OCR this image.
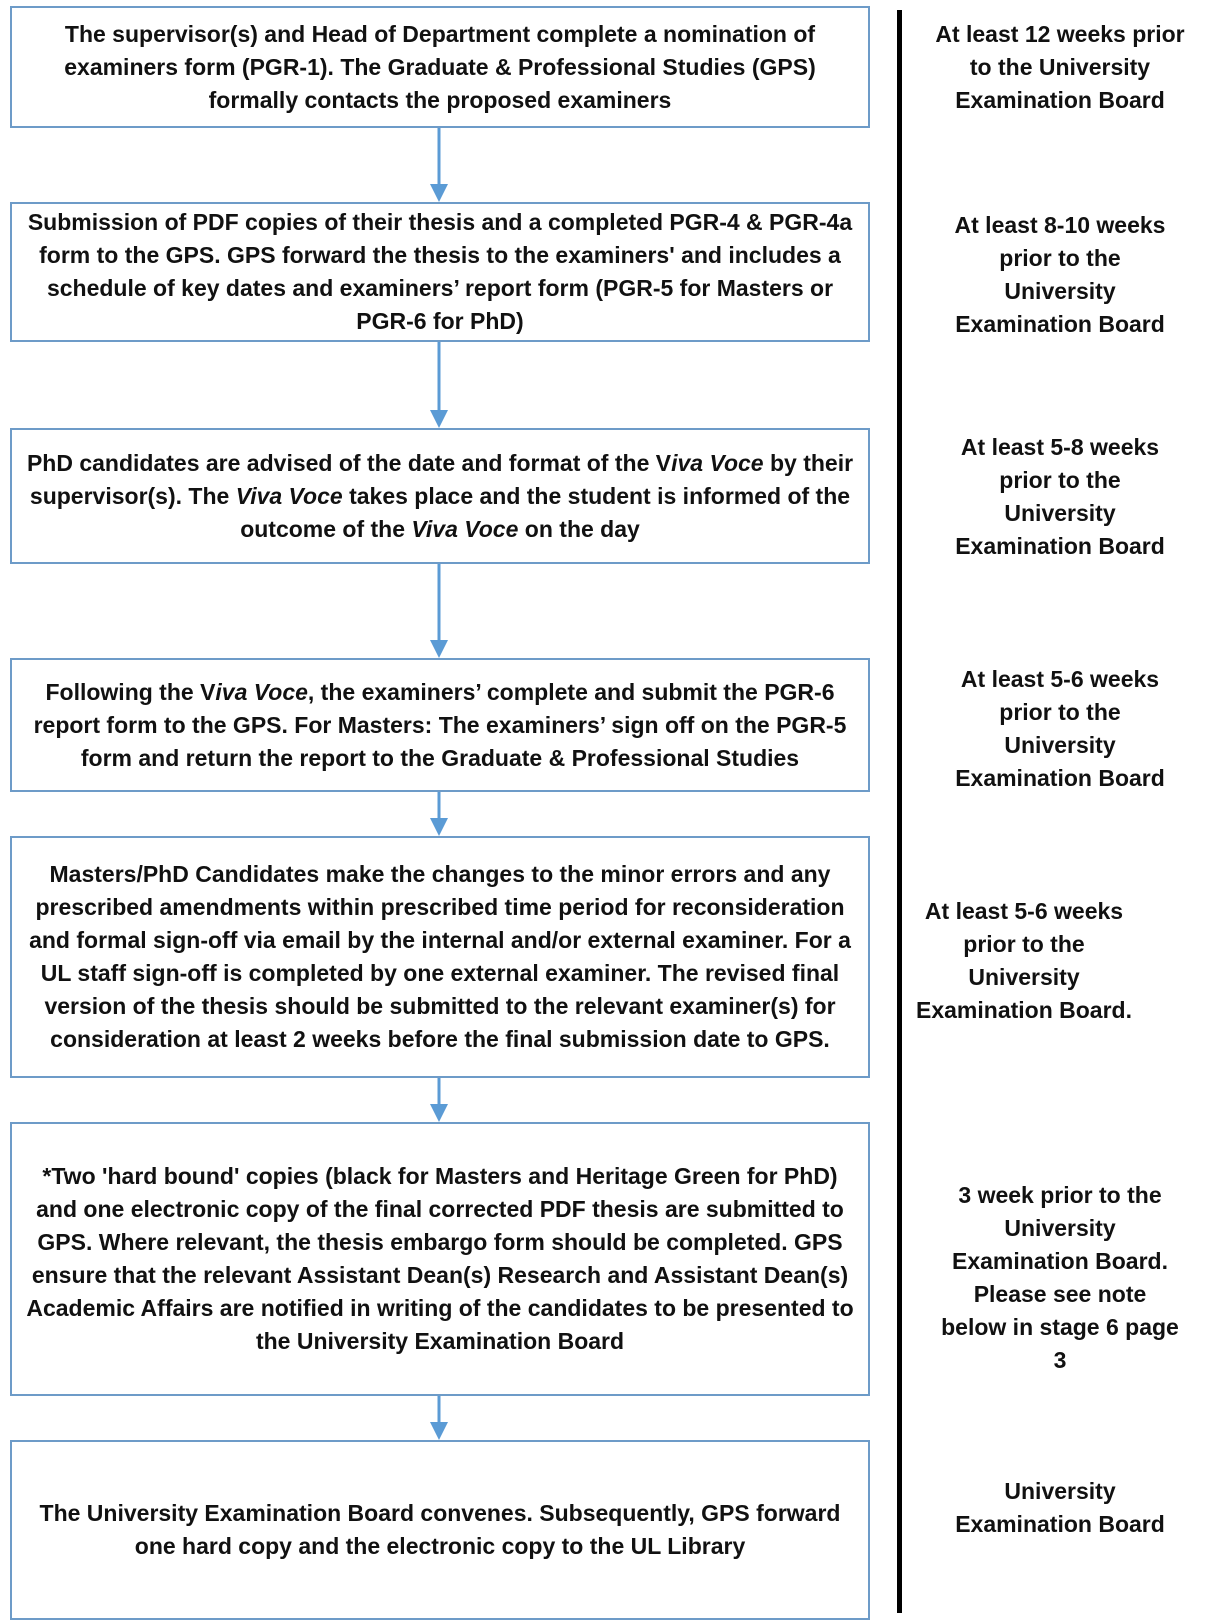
The supervisor(s) and Head of Department complete a nomination of examiners form (PGR-1). The Graduate & Professional Studies (GPS) formally contacts the proposed examiners

Submission of PDF copies of their thesis and a completed PGR-4 & PGR-4a form to the GPS. GPS forward the thesis to the examiners' and includes a schedule of key dates and examiners’ report form (PGR-5 for Masters or PGR-6 for PhD)

PhD candidates are advised of the date and format of the Viva Voce by their supervisor(s). The Viva Voce takes place and the student is informed of the outcome of the Viva Voce on the day

Following the Viva Voce, the examiners’ complete and submit the PGR-6 report form to the GPS. For Masters: The examiners’ sign off on the PGR-5 form and return the report to the Graduate & Professional Studies

Masters/PhD Candidates make the changes to the minor errors and any prescribed amendments within prescribed time period for reconsideration and formal sign-off via email by the internal and/or external examiner. For a UL staff sign-off is completed by one external examiner. The revised final version of the thesis should be submitted to the relevant examiner(s) for consideration at least 2 weeks before the final submission date to GPS.

*Two 'hard bound' copies (black for Masters and Heritage Green for PhD) and one electronic copy of the final corrected PDF thesis are submitted to GPS. Where relevant, the thesis embargo form should be completed. GPS ensure that the relevant Assistant Dean(s) Research and Assistant Dean(s) Academic Affairs are notified in writing of the candidates to be presented to the University Examination Board

The University Examination Board convenes. Subsequently, GPS forward one hard copy and the electronic copy to the UL Library

At least 12 weeks prior
to the University
Examination Board
At least 8-10 weeks
prior to the
University
Examination Board
At least 5-8 weeks
prior to the
University
Examination Board
At least 5-6 weeks
prior to the
University
Examination Board
At least 5-6 weeks
prior to the
University
Examination Board.
3 week prior to the
University
Examination Board.
Please see note
below in stage 6 page
3
University
Examination Board
